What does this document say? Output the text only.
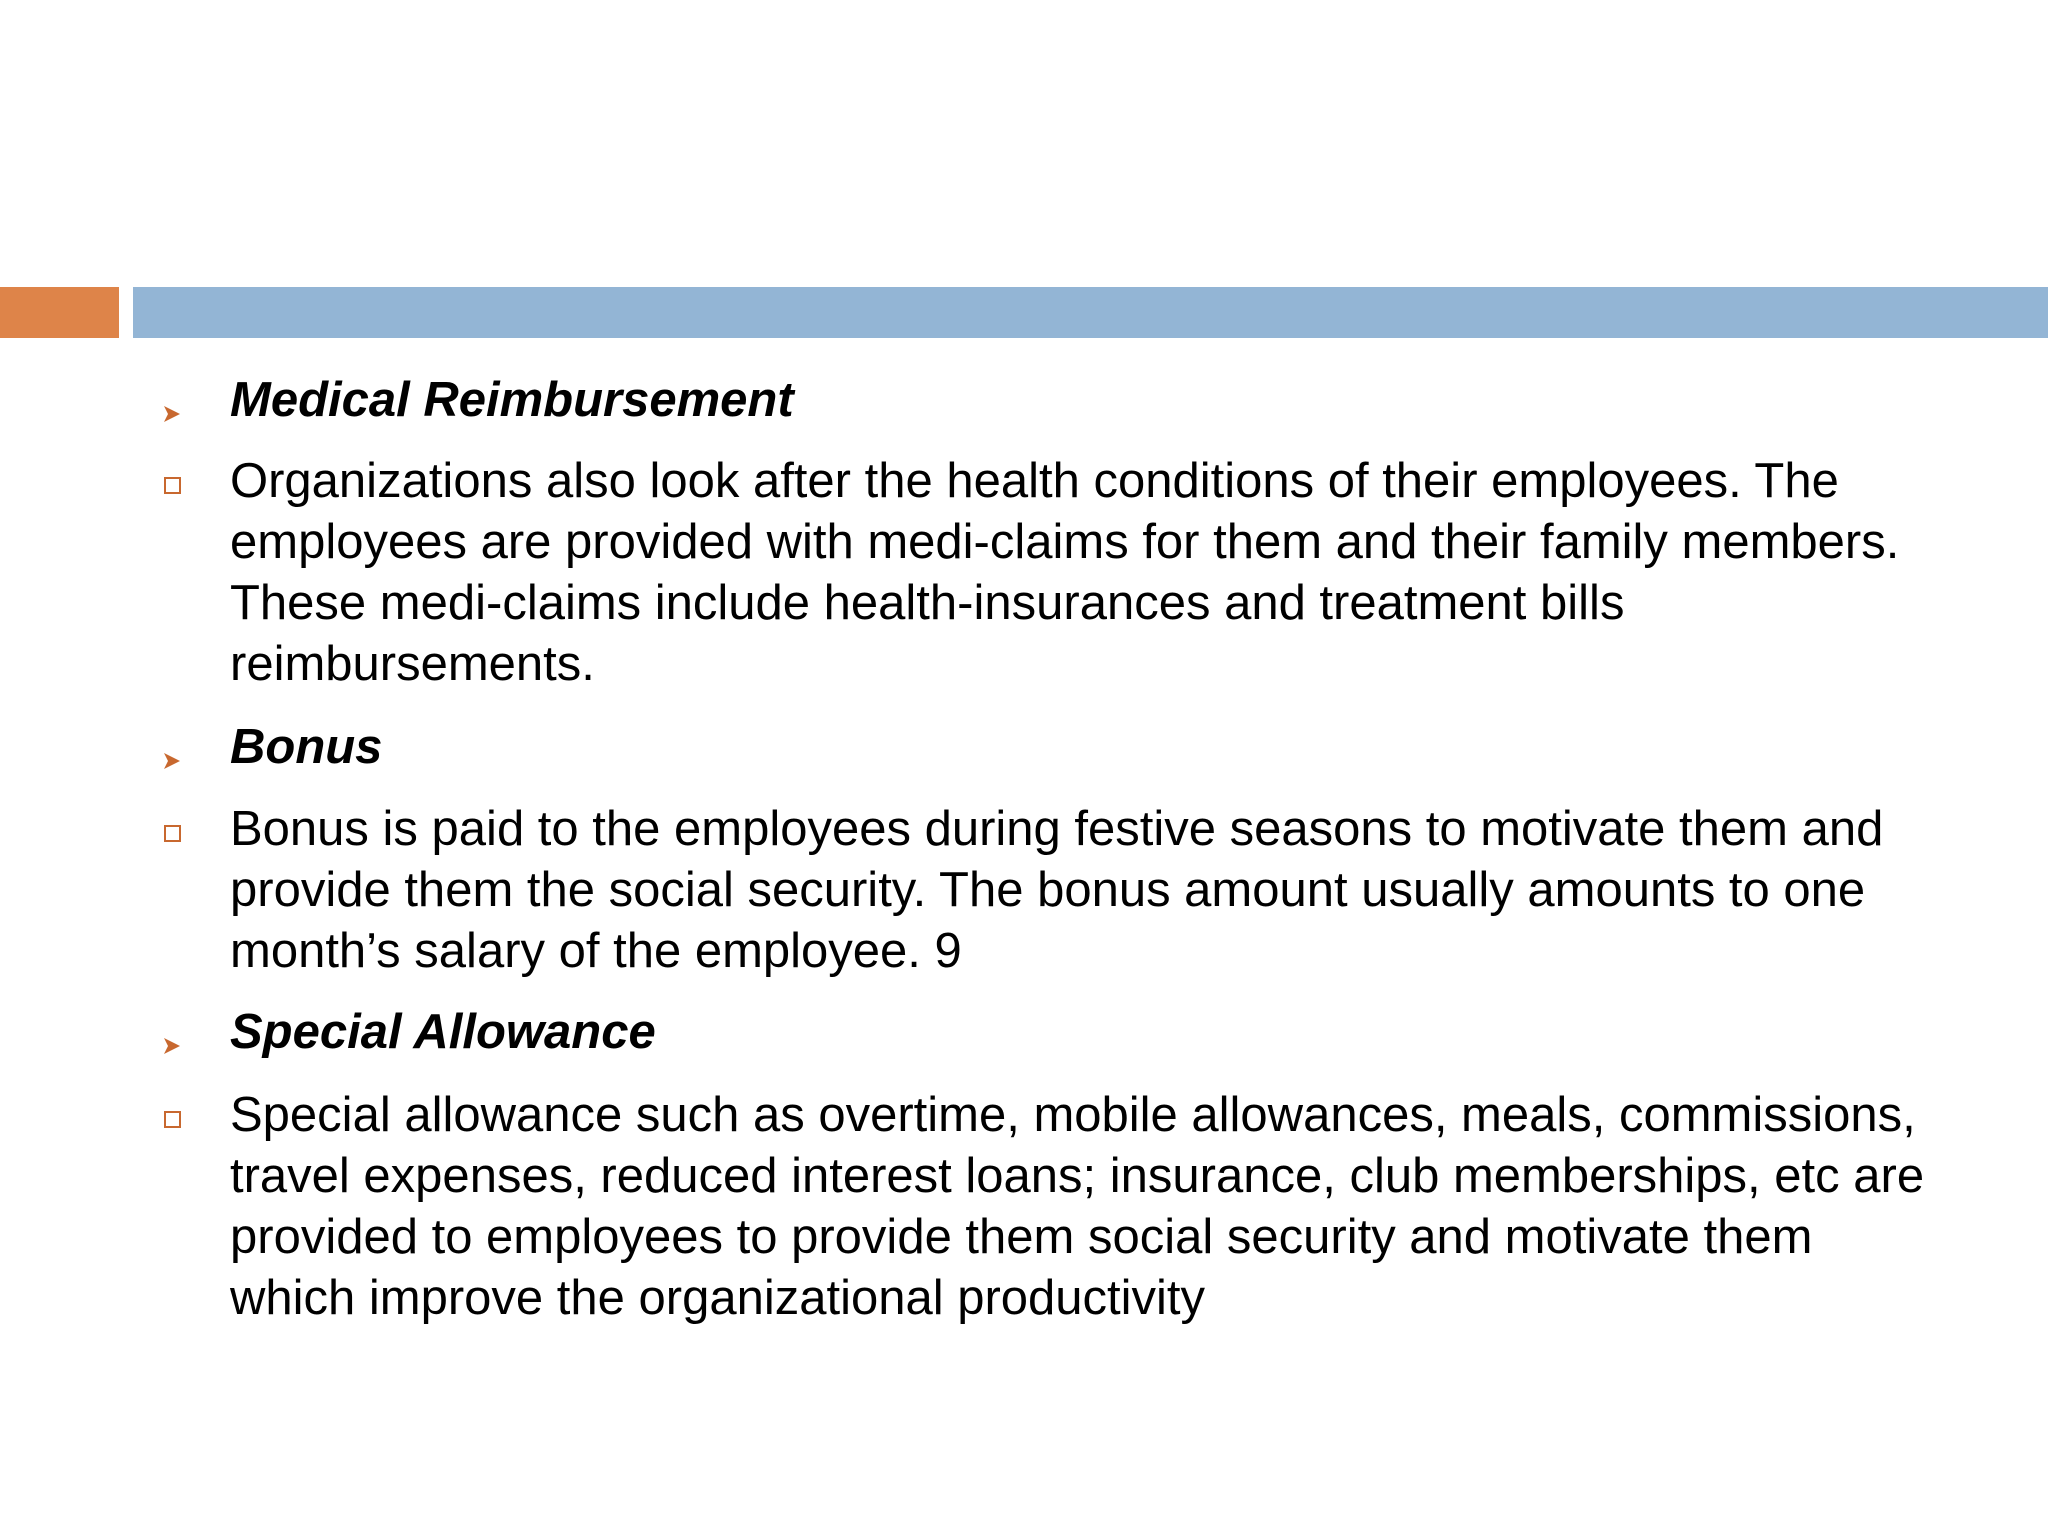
Medical Reimbursement
Organizations also look after the health conditions of their employees. The employees are provided with medi-claims for them and their family members. These medi-claims include health-insurances and treatment bills reimbursements.
Bonus
Bonus is paid to the employees during festive seasons to motivate them and provide them the social security. The bonus amount usually amounts to one month’s salary of the employee. 9
Special Allowance
Special allowance such as overtime, mobile allowances, meals, commissions, travel expenses, reduced interest loans; insurance, club memberships, etc are provided to employees to provide them social security and motivate them which improve the organizational productivity
